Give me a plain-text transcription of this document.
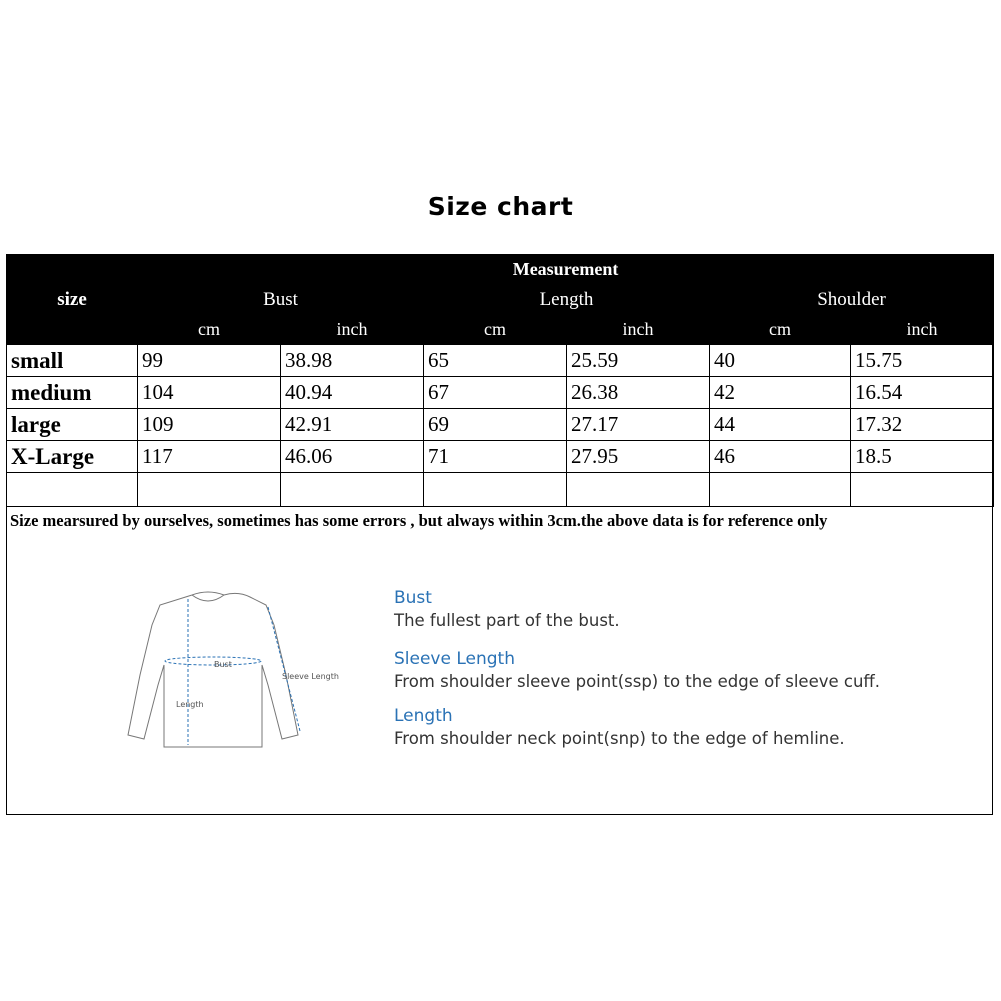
Size chart
size	Measurement					
	Bust		Length		Shoulder	
	cm	inch	cm	inch	cm	inch
small	99	38.98	65	25.59	40	15.75
medium	104	40.94	67	26.38	42	16.54
large	109	42.91	69	27.17	44	17.32
X-Large	117	46.06	71	27.95	46	18.5

Size mearsured by ourselves, sometimes has some errors , but always within 3cm.the above data is for reference only
Bust
Sleeve Length
Length
Bust
The fullest part of the bust.
Sleeve Length
From shoulder sleeve point(ssp) to the edge of sleeve cuff.
Length
From shoulder neck point(snp) to the edge of hemline.
